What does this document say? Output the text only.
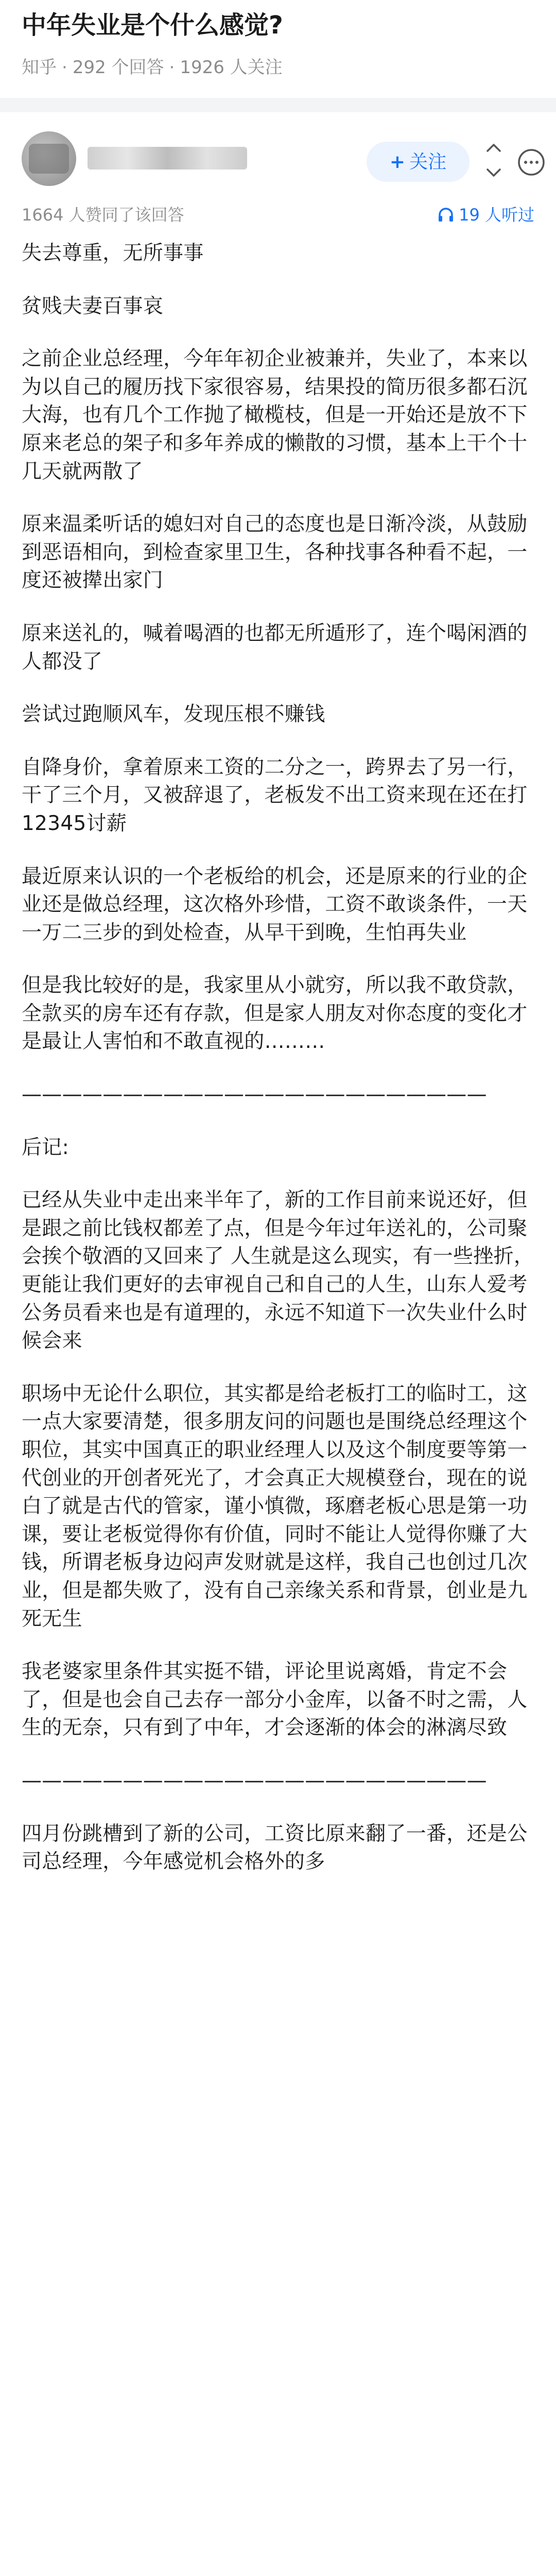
中年失业是个什么感觉?
知乎 · 292 个回答 · 1926 人关注
+ 关注
1664 人赞同了该回答	19 人听过

失去尊重，无所事事

贫贱夫妻百事哀

之前企业总经理，今年年初企业被兼并，失业了，本来以为以自己的履历找下家很容易，结果投的简历很多都石沉大海，也有几个工作抛了橄榄枝，但是一开始还是放不下原来老总的架子和多年养成的懒散的习惯，基本上干个十几天就两散了

原来温柔听话的媳妇对自己的态度也是日渐冷淡，从鼓励到恶语相向，到检查家里卫生，各种找事各种看不起，一度还被撵出家门

原来送礼的，喊着喝酒的也都无所遁形了，连个喝闲酒的人都没了

尝试过跑顺风车，发现压根不赚钱

自降身价，拿着原来工资的二分之一，跨界去了另一行，干了三个月，又被辞退了，老板发不出工资来现在还在打12345讨薪

最近原来认识的一个老板给的机会，还是原来的行业的企业还是做总经理，这次格外珍惜，工资不敢谈条件，一天一万二三步的到处检查，从早干到晚，生怕再失业

但是我比较好的是，我家里从小就穷，所以我不敢贷款，全款买的房车还有存款，但是家人朋友对你态度的变化才是最让人害怕和不敢直视的………

———————————————————————

后记:

已经从失业中走出来半年了，新的工作目前来说还好，但是跟之前比钱权都差了点，但是今年过年送礼的，公司聚会挨个敬酒的又回来了 人生就是这么现实，有一些挫折，更能让我们更好的去审视自己和自己的人生，山东人爱考公务员看来也是有道理的，永远不知道下一次失业什么时候会来

职场中无论什么职位，其实都是给老板打工的临时工，这一点大家要清楚，很多朋友问的问题也是围绕总经理这个职位，其实中国真正的职业经理人以及这个制度要等第一代创业的开创者死光了，才会真正大规模登台，现在的说白了就是古代的管家，谨小慎微，琢磨老板心思是第一功课，要让老板觉得你有价值，同时不能让人觉得你赚了大钱，所谓老板身边闷声发财就是这样，我自己也创过几次业，但是都失败了，没有自己亲缘关系和背景，创业是九死无生

我老婆家里条件其实挺不错，评论里说离婚，肯定不会了，但是也会自己去存一部分小金库，以备不时之需，人生的无奈，只有到了中年，才会逐渐的体会的淋漓尽致

———————————————————————

四月份跳槽到了新的公司，工资比原来翻了一番，还是公司总经理，今年感觉机会格外的多
